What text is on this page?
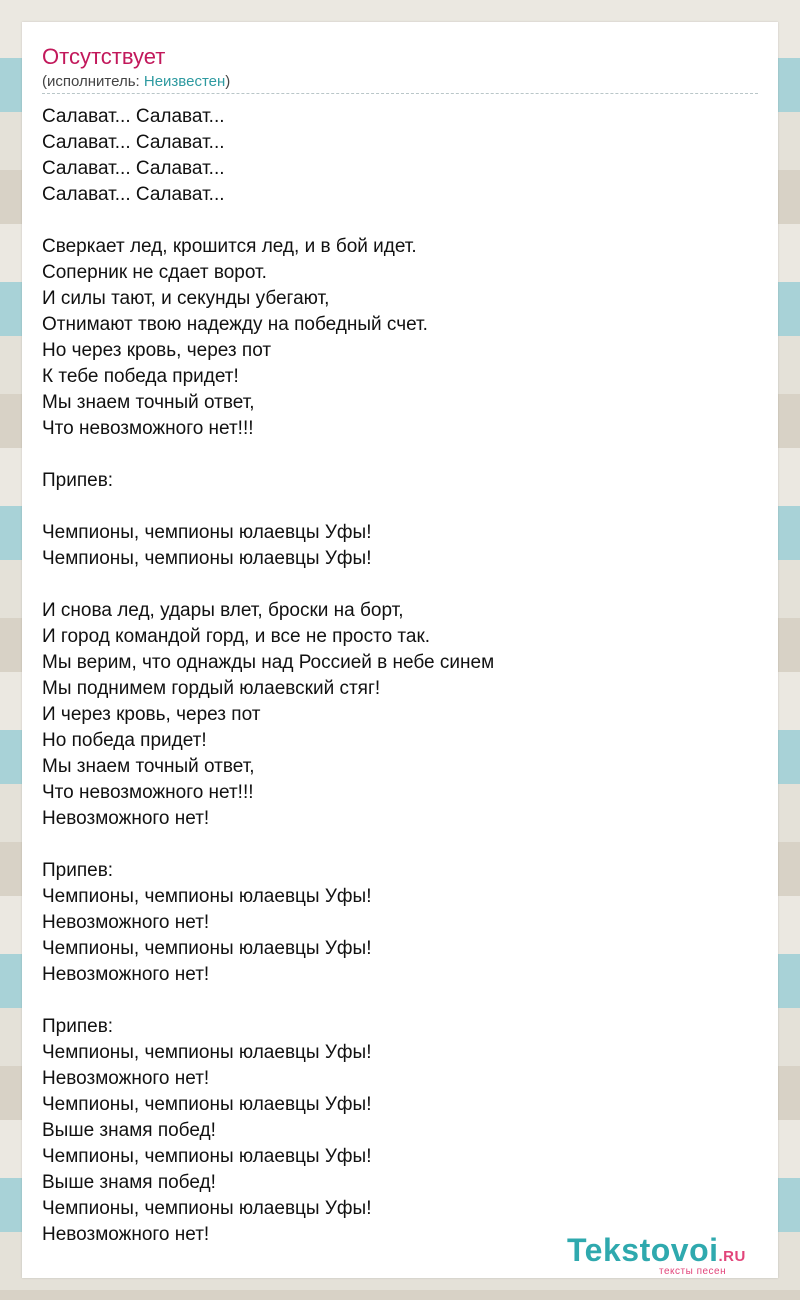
Отсутствует
(исполнитель: Неизвестен)
Салават... Салават...
Салават... Салават...
Салават... Салават...
Салават... Салават...
Сверкает лед, крошится лед, и в бой идет.
Соперник не сдает ворот.
И силы тают, и секунды убегают,
Отнимают твою надежду на победный счет.
Но через кровь, через пот
К тебе победа придет!
Мы знаем точный ответ,
Что невозможного нет!!!
Припев:
Чемпионы, чемпионы юлаевцы Уфы!
Чемпионы, чемпионы юлаевцы Уфы!
И снова лед, удары влет, броски на борт,
И город командой горд, и все не просто так.
Мы верим, что однажды над Россией в небе синем
Мы поднимем гордый юлаевский стяг!
И через кровь, через пот
Но победа придет!
Мы знаем точный ответ,
Что невозможного нет!!!
Невозможного нет!
Припев:
Чемпионы, чемпионы юлаевцы Уфы!
Невозможного нет!
Чемпионы, чемпионы юлаевцы Уфы!
Невозможного нет!
Припев:
Чемпионы, чемпионы юлаевцы Уфы!
Невозможного нет!
Чемпионы, чемпионы юлаевцы Уфы!
Выше знамя побед!
Чемпионы, чемпионы юлаевцы Уфы!
Выше знамя побед!
Чемпионы, чемпионы юлаевцы Уфы!
Невозможного нет!	Tekstovoi.RU
тексты песен
